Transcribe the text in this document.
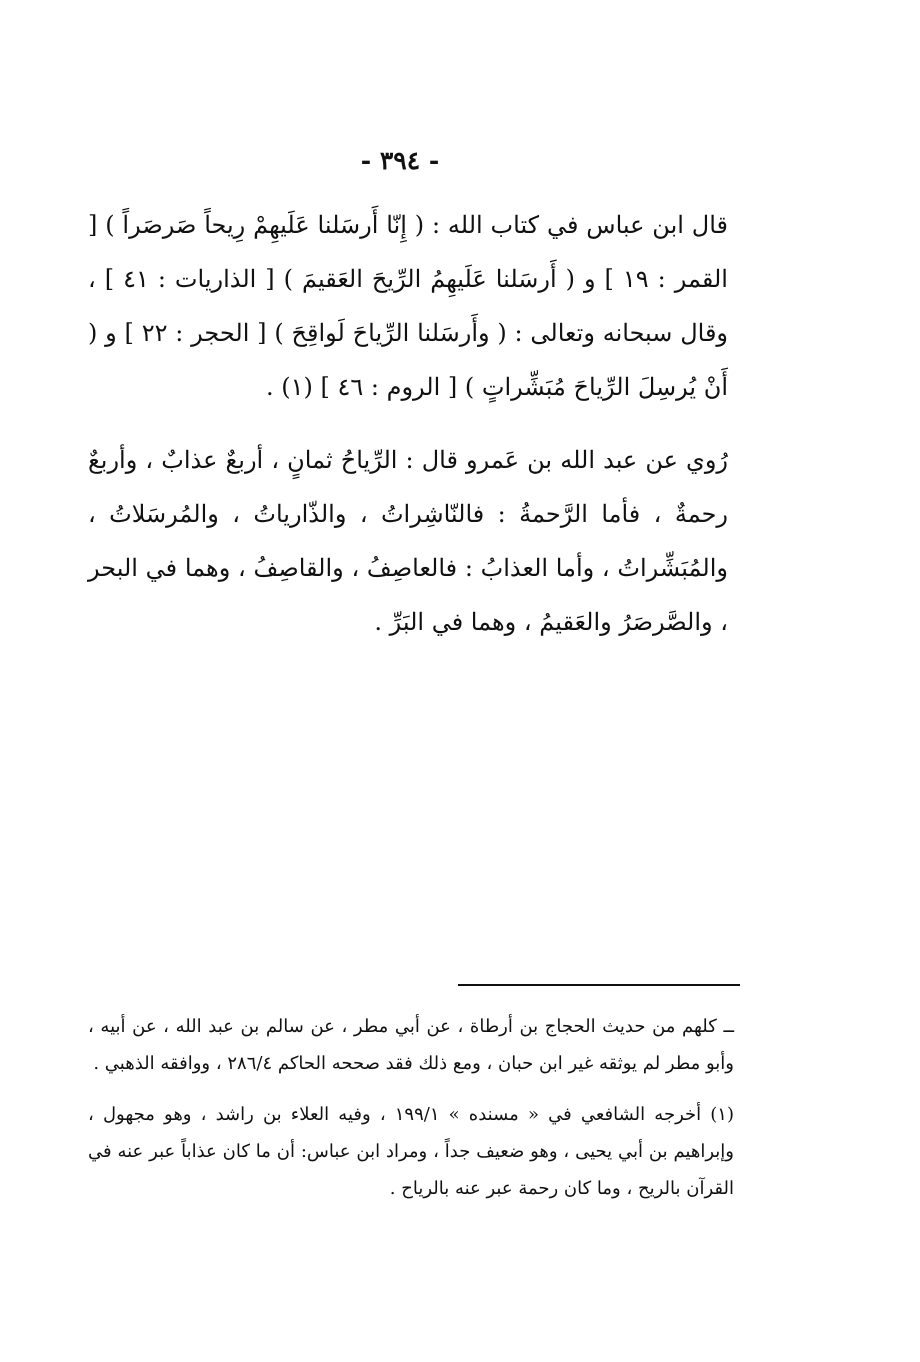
- ٣٩٤ -

قال ابن عباس في كتاب الله : ( إِنّا أَرسَلنا عَلَيهِمْ رِيحاً صَرصَراً ) [ القمر : ١٩ ] و ( أَرسَلنا عَلَيهِمُ الرِّيحَ العَقيمَ ) [ الذاريات : ٤١ ] ، وقال سبحانه وتعالى : ( وأَرسَلنا الرِّياحَ لَواقِحَ ) [ الحجر : ٢٢ ] و ( أَنْ يُرسِلَ الرِّياحَ مُبَشِّراتٍ ) [ الروم : ٤٦ ] (١) .

رُوي عن عبد الله بن عَمرو قال : الرِّياحُ ثمانٍ ، أربعٌ عذابٌ ، وأربعٌ رحمةٌ ، فأما الرَّحمةُ : فالنّاشِراتُ ، والذّارياتُ ، والمُرسَلاتُ ، والمُبَشِّراتُ ، وأما العذابُ : فالعاصِفُ ، والقاصِفُ ، وهما في البحر ، والصَّرصَرُ والعَقيمُ ، وهما في البَرِّ .

ــ كلهم من حديث الحجاج بن أرطاة ، عن أبي مطر ، عن سالم بن عبد الله ، عن أبيه ، وأبو مطر لم يوثقه غير ابن حبان ، ومع ذلك فقد صححه الحاكم ٢٨٦/٤ ، ووافقه الذهبي .

(١) أخرجه الشافعي في « مسنده » ١٩٩/١ ، وفيه العلاء بن راشد ، وهو مجهول ، وإبراهيم بن أبي يحيى ، وهو ضعيف جداً ، ومراد ابن عباس: أن ما كان عذاباً عبر عنه في القرآن بالريح ، وما كان رحمة عبر عنه بالرياح .
